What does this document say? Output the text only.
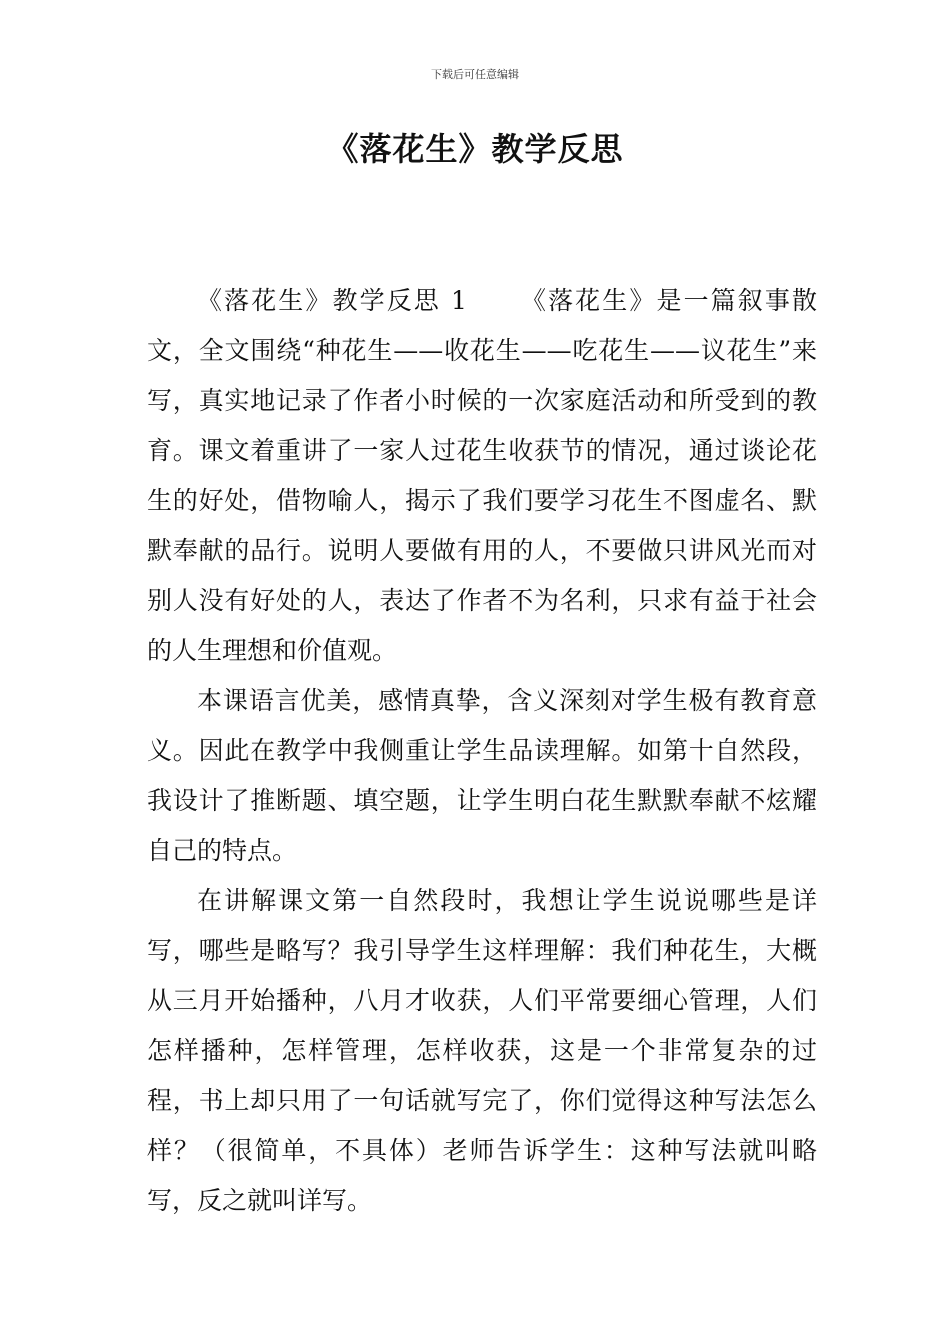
下载后可任意编辑
《落花生》教学反思

《落花生》教学反思 1 《落花生》是一篇叙事散文，全文围绕“种花生——收花生——吃花生——议花生”来写，真实地记录了作者小时候的一次家庭活动和所受到的教育。课文着重讲了一家人过花生收获节的情况，通过谈论花生的好处，借物喻人，揭示了我们要学习花生不图虚名、默默奉献的品行。说明人要做有用的人，不要做只讲风光而对别人没有好处的人，表达了作者不为名利，只求有益于社会的人生理想和价值观。

本课语言优美，感情真挚，含义深刻对学生极有教育意义。因此在教学中我侧重让学生品读理解。如第十自然段，我设计了推断题、填空题，让学生明白花生默默奉献不炫耀自己的特点。

在讲解课文第一自然段时，我想让学生说说哪些是详写，哪些是略写？我引导学生这样理解：我们种花生，大概从三月开始播种，八月才收获，人们平常要细心管理，人们怎样播种，怎样管理，怎样收获，这是一个非常复杂的过程，书上却只用了一句话就写完了，你们觉得这种写法怎么样？（很简单，不具体）老师告诉学生：这种写法就叫略写，反之就叫详写。
